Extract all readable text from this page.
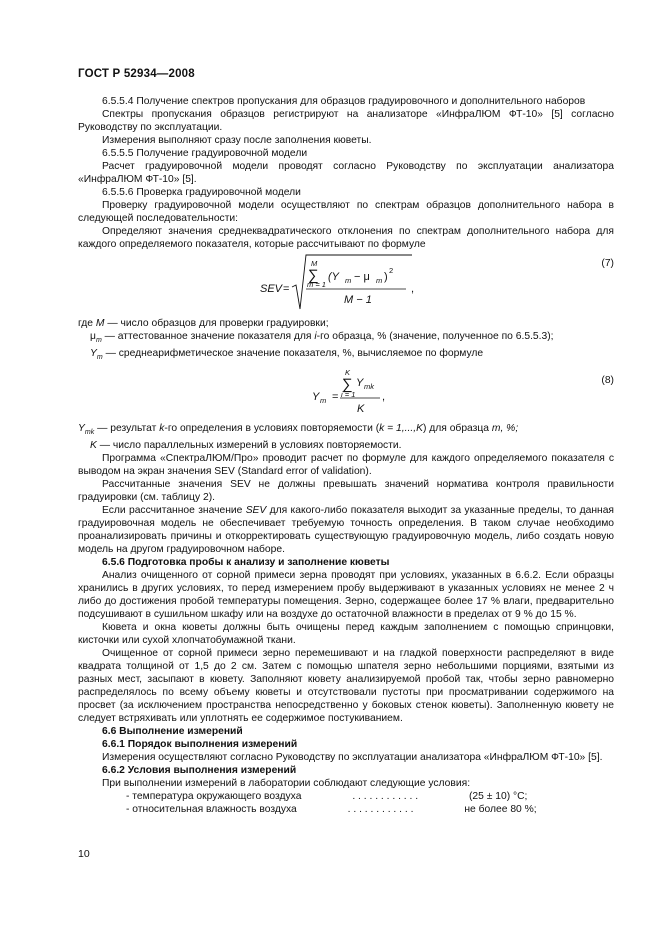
ГОСТ Р 52934—2008

6.5.5.4 Получение спектров пропускания для образцов градуировочного и дополнительного наборов

Спектры пропускания образцов регистрируют на анализаторе «ИнфраЛЮМ ФТ-10» [5] согласно Руководству по эксплуатации.

Измерения выполняют сразу после заполнения кюветы.

6.5.5.5 Получение градуировочной модели

Расчет градуировочной модели проводят согласно Руководству по эксплуатации анализатора «ИнфраЛЮМ ФТ-10» [5].

6.5.5.6 Проверка градуировочной модели

Проверку градуировочной модели осуществляют по спектрам образцов дополнительного набора в следующей последовательности:

Определяют значения среднеквадратического отклонения по спектрам дополнительного набора для каждого определяемого показателя, которые рассчитывают по формуле

(7)
SEV =
M
∑
m = 1
(Y m − μ m )
2
M − 1
,

где M — число образцов для проверки градуировки;

$\mu_m$ — аттестованное значение показателя для i-го образца, % (значение, полученное по 6.5.5.3);

$Y_m$ — среднеарифметическое значение показателя, %, вычисляемое по формуле

(8)
Y m =
K
∑
i = 1
Y mk
K
,

$Y_{mk}$ — результат k-го определения в условиях повторяемости (k = 1,...,K) для образца m, %;

K — число параллельных измерений в условиях повторяемости.

Программа «СпектраЛЮМ/Про» проводит расчет по формуле для каждого определяемого показателя с выводом на экран значения SEV (Standard error of validation).

Рассчитанные значения SEV не должны превышать значений норматива контроля правильности градуировки (см. таблицу 2).

Если рассчитанное значение SEV для какого-либо показателя выходит за указанные пределы, то данная градуировочная модель не обеспечивает требуемую точность определения. В таком случае необходимо проанализировать причины и откорректировать существующую градуировочную модель, либо создать новую модель на другом градуировочном наборе.

6.5.6 Подготовка пробы к анализу и заполнение кюветы

Анализ очищенного от сорной примеси зерна проводят при условиях, указанных в 6.6.2. Если образцы хранились в других условиях, то перед измерением пробу выдерживают в указанных условиях не менее 2 ч либо до достижения пробой температуры помещения. Зерно, содержащее более 17 % влаги, предварительно подсушивают в сушильном шкафу или на воздухе до остаточной влажности в пределах от 9 % до 15 %.

Кювета и окна кюветы должны быть очищены перед каждым заполнением с помощью спринцовки, кисточки или сухой хлопчатобумажной ткани.

Очищенное от сорной примеси зерно перемешивают и на гладкой поверхности распределяют в виде квадрата толщиной от 1,5 до 2 см. Затем с помощью шпателя зерно небольшими порциями, взятыми из разных мест, засыпают в кювету. Заполняют кювету анализируемой пробой так, чтобы зерно равномерно распределялось по всему объему кюветы и отсутствовали пустоты при просматривании содержимого на просвет (за исключением пространства непосредственно у боковых стенок кюветы). Заполненную кювету не следует встряхивать или уплотнять ее содержимое постукиванием.

6.6 Выполнение измерений

6.6.1 Порядок выполнения измерений

Измерения осуществляют согласно Руководству по эксплуатации анализатора «ИнфраЛЮМ ФТ-10» [5].

6.6.2 Условия выполнения измерений

При выполнении измерений в лаборатории соблюдают следующие условия:

- температура окружающего воздуха
	. . . . . . . . . . . .
	(25 ± 10) °C;
- относительная влажность воздуха
	. . . . . . . . . . . .
	не более 80 %;
10
